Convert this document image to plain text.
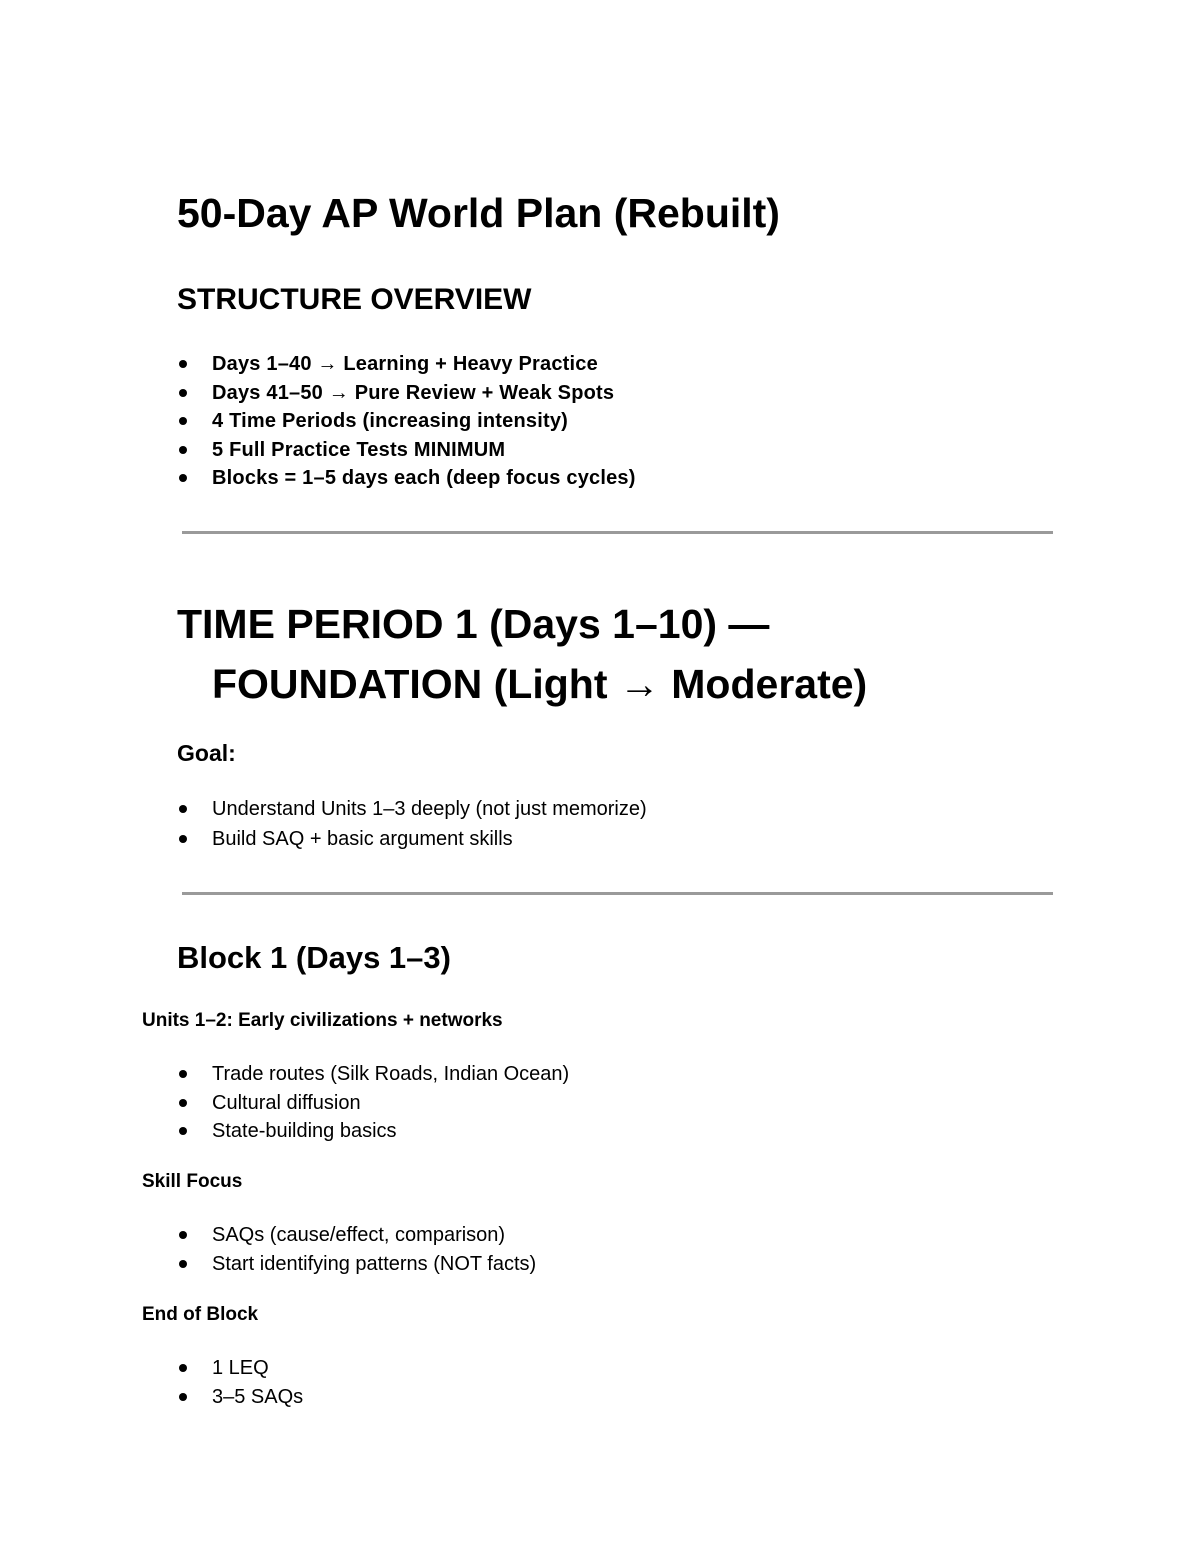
50-Day AP World Plan (Rebuilt)
STRUCTURE OVERVIEW
Days 1–40 → Learning + Heavy Practice
Days 41–50 → Pure Review + Weak Spots
4 Time Periods (increasing intensity)
5 Full Practice Tests MINIMUM
Blocks = 1–5 days each (deep focus cycles)
TIME PERIOD 1 (Days 1–10) —
FOUNDATION (Light → Moderate)
Goal:
Understand Units 1–3 deeply (not just memorize)
Build SAQ + basic argument skills
Block 1 (Days 1–3)
Units 1–2: Early civilizations + networks
Trade routes (Silk Roads, Indian Ocean)
Cultural diffusion
State-building basics
Skill Focus
SAQs (cause/effect, comparison)
Start identifying patterns (NOT facts)
End of Block
1 LEQ
3–5 SAQs
